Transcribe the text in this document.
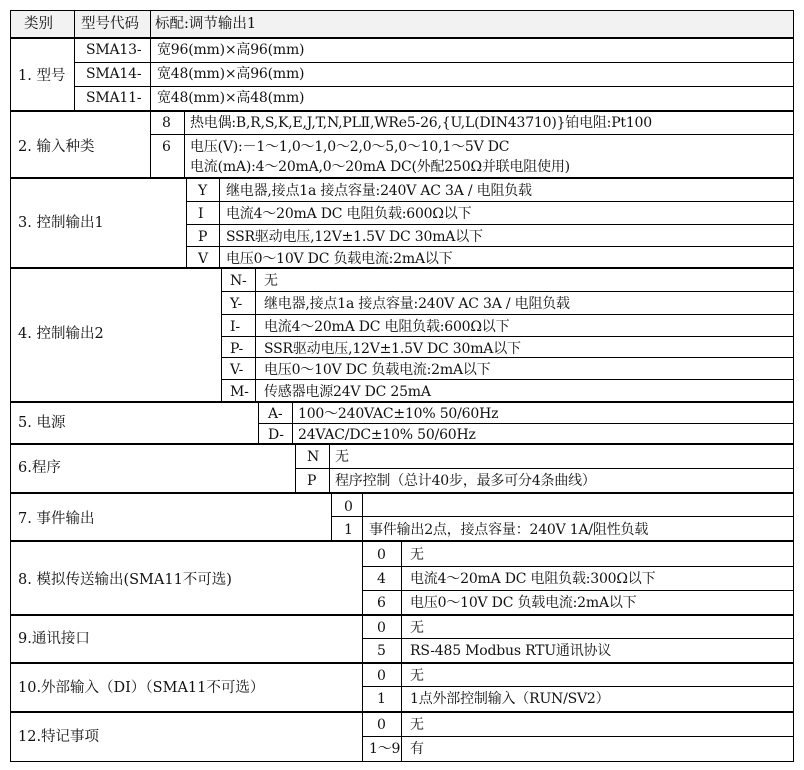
类别 型号代码 标配:调节输出1
1. 型号
SMA13- 宽96(mm)×高96(mm)
SMA14- 宽48(mm)×高96(mm)
SMA11- 宽48(mm)×高48(mm)
2. 输入种类
8 热电偶:B,R,S,K,E,J,T,N,PLⅡ,WRe5-26,{U,L(DIN43710)}铂电阻:Pt100
6 电压(V):－1～1,0～1,0～2,0～5,0～10,1～5V DC
电流(mA):4～20mA,0～20mA DC(外配250Ω并联电阻使用)
3. 控制输出1
Y 继电器,接点1a 接点容量:240V AC 3A / 电阻负载
I 电流4～20mA DC 电阻负载:600Ω以下
P SSR驱动电压,12V±1.5V DC 30mA以下
V 电压0～10V DC 负载电流:2mA以下
4. 控制输出2
N- 无
Y- 继电器,接点1a 接点容量:240V AC 3A / 电阻负载
I- 电流4～20mA DC 电阻负载:600Ω以下
P- SSR驱动电压,12V±1.5V DC 30mA以下
V- 电压0～10V DC 负载电流:2mA以下
M- 传感器电源24V DC 25mA
5. 电源
A- 100～240VAC±10% 50/60Hz
D- 24VAC/DC±10% 50/60Hz
6.程序
N 无
P 程序控制（总计40步，最多可分4条曲线）
7. 事件输出
0
1 事件输出2点，接点容量：240V 1A/阻性负载
8. 模拟传送输出(SMA11不可选)
0 无
4 电流4～20mA DC 电阻负载:300Ω以下
6 电压0～10V DC 负载电流:2mA以下
9.通讯接口
0 无
5 RS-485 Modbus RTU通讯协议
10.外部输入（DI）（SMA11不可选）
0 无
1 1点外部控制输入（RUN/SV2）
12.特记事项
0 无
1～9 有
